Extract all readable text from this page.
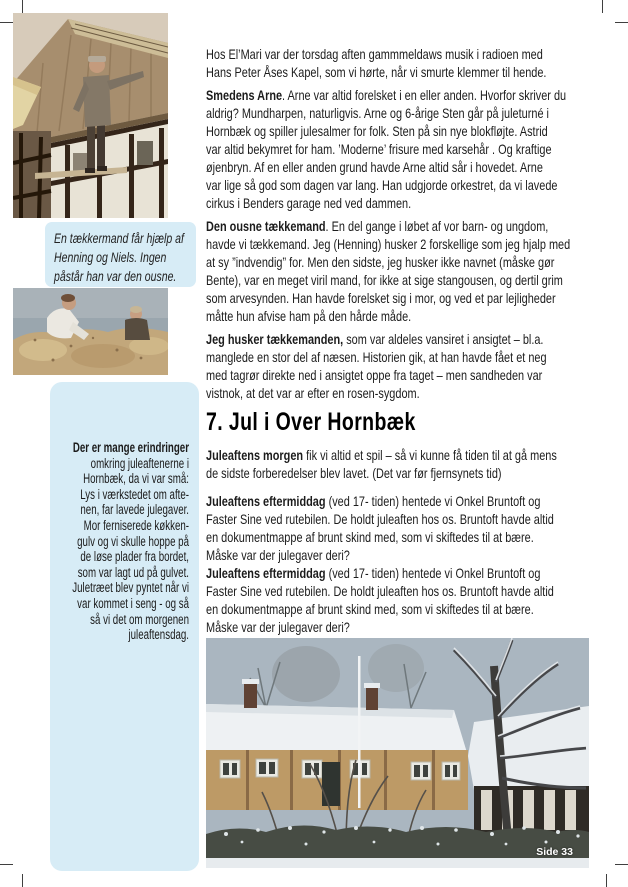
En tækkermand får hjælp af
Henning og Niels. Ingen
påstår han var den ousne.
Der er mange erindringer
omkring juleaftenerne i
Hornbæk, da vi var små:
Lys i værkstedet om afte-
nen, far lavede julegaver.
Mor ferniserede køkken-
gulv og vi skulle hoppe på
de løse plader fra bordet,
som var lagt ud på gulvet.
Juletræet blev pyntet når vi
var kommet i seng - og så
så vi det om morgenen
juleaftensdag.

Hos El’Mari var der torsdag aften gammmeldaws musik i radioen med
Hans Peter Åses Kapel, som vi hørte, når vi smurte klemmer til hende.

Smedens Arne. Arne var altid forelsket i en eller anden. Hvorfor skriver du
aldrig? Mundharpen, naturligvis. Arne og 6-årige Sten går på juleturné i
Hornbæk og spiller julesalmer for folk. Sten på sin nye blokfløjte. Astrid
var altid bekymret for ham. ’Moderne’ frisure med karsehår . Og kraftige
øjenbryn. Af en eller anden grund havde Arne altid sår i hovedet. Arne
var lige så god som dagen var lang. Han udgjorde orkestret, da vi lavede
cirkus i Benders garage ned ved dammen.

Den ousne tækkemand. En del gange i løbet af vor barn- og ungdom,
havde vi tækkemand. Jeg (Henning) husker 2 forskellige som jeg hjalp med
at sy ”indvendig” for. Men den sidste, jeg husker ikke navnet (måske gør
Bente), var en meget viril mand, for ikke at sige stangousen, og dertil grim
som arvesynden. Han havde forelsket sig i mor, og ved et par lejligheder
måtte hun afvise ham på den hårde måde.

Jeg husker tækkemanden, som var aldeles vansiret i ansigtet – bl.a.
manglede en stor del af næsen. Historien gik, at han havde fået et neg
med tagrør direkte ned i ansigtet oppe fra taget – men sandheden var
vistnok, at det var ar efter en rosen-sygdom.

7. Jul i Over Hornbæk

Juleaftens morgen fik vi altid et spil – så vi kunne få tiden til at gå mens
de sidste forberedelser blev lavet. (Det var før fjernsynets tid)

Juleaftens eftermiddag (ved 17- tiden) hentede vi Onkel Bruntoft og
Faster Sine ved rutebilen. De holdt juleaften hos os. Bruntoft havde altid
en dokumentmappe af brunt skind med, som vi skiftedes til at bære.
Måske var der julegaver deri?

Juleaftens eftermiddag (ved 17- tiden) hentede vi Onkel Bruntoft og
Faster Sine ved rutebilen. De holdt juleaften hos os. Bruntoft havde altid
en dokumentmappe af brunt skind med, som vi skiftedes til at bære.
Måske var der julegaver deri?

Side 33
